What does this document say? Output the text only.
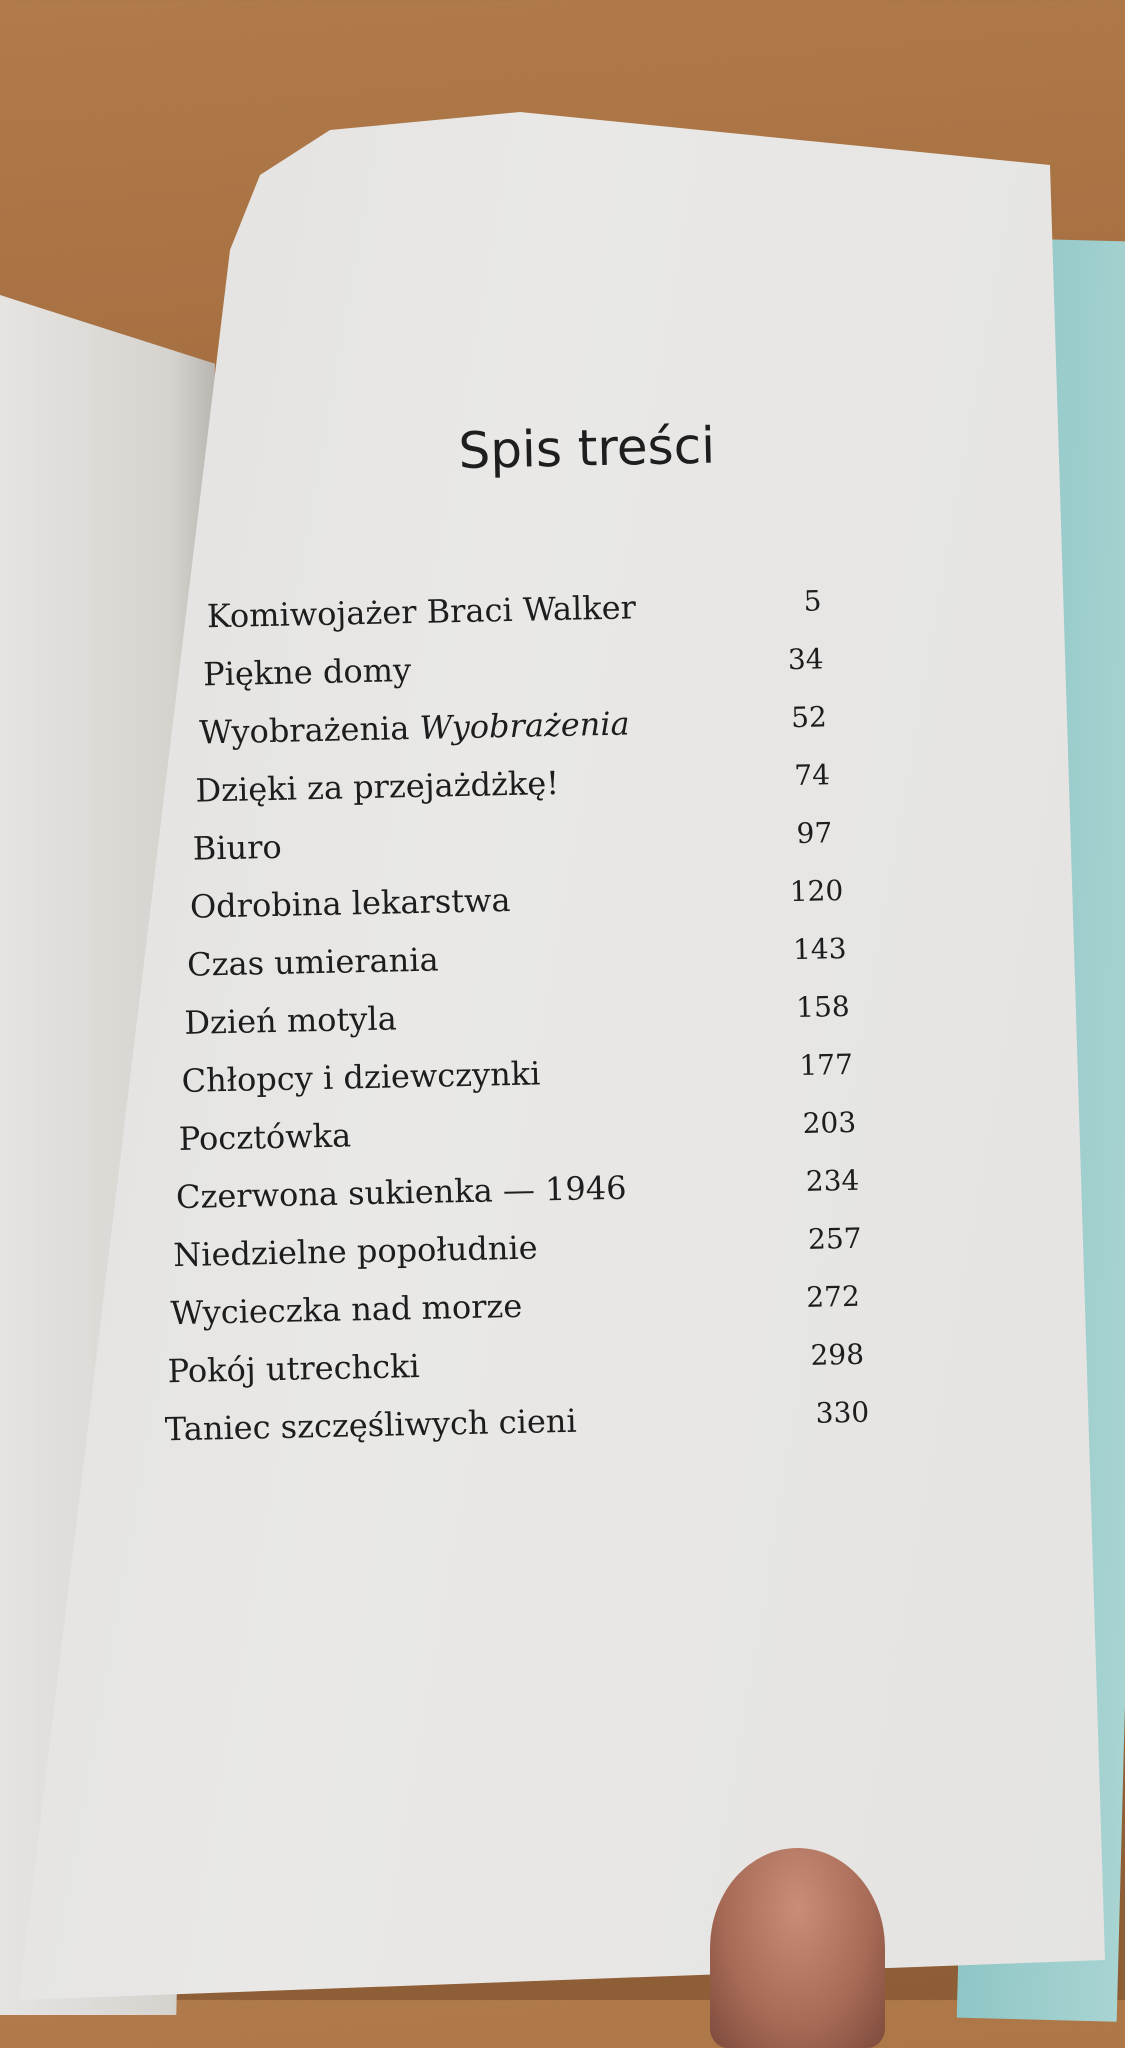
Spis treści
Komiwojażer Braci Walker	5
Piękne domy	34
Wyobrażenia Wyobrażenia	52
Dzięki za przejażdżkę!	74
Biuro	97
Odrobina lekarstwa	120
Czas umierania	143
Dzień motyla	158
Chłopcy i dziewczynki	177
Pocztówka	203
Czerwona sukienka — 1946	234
Niedzielne popołudnie	257
Wycieczka nad morze	272
Pokój utrechcki	298
Taniec szczęśliwych cieni	330
